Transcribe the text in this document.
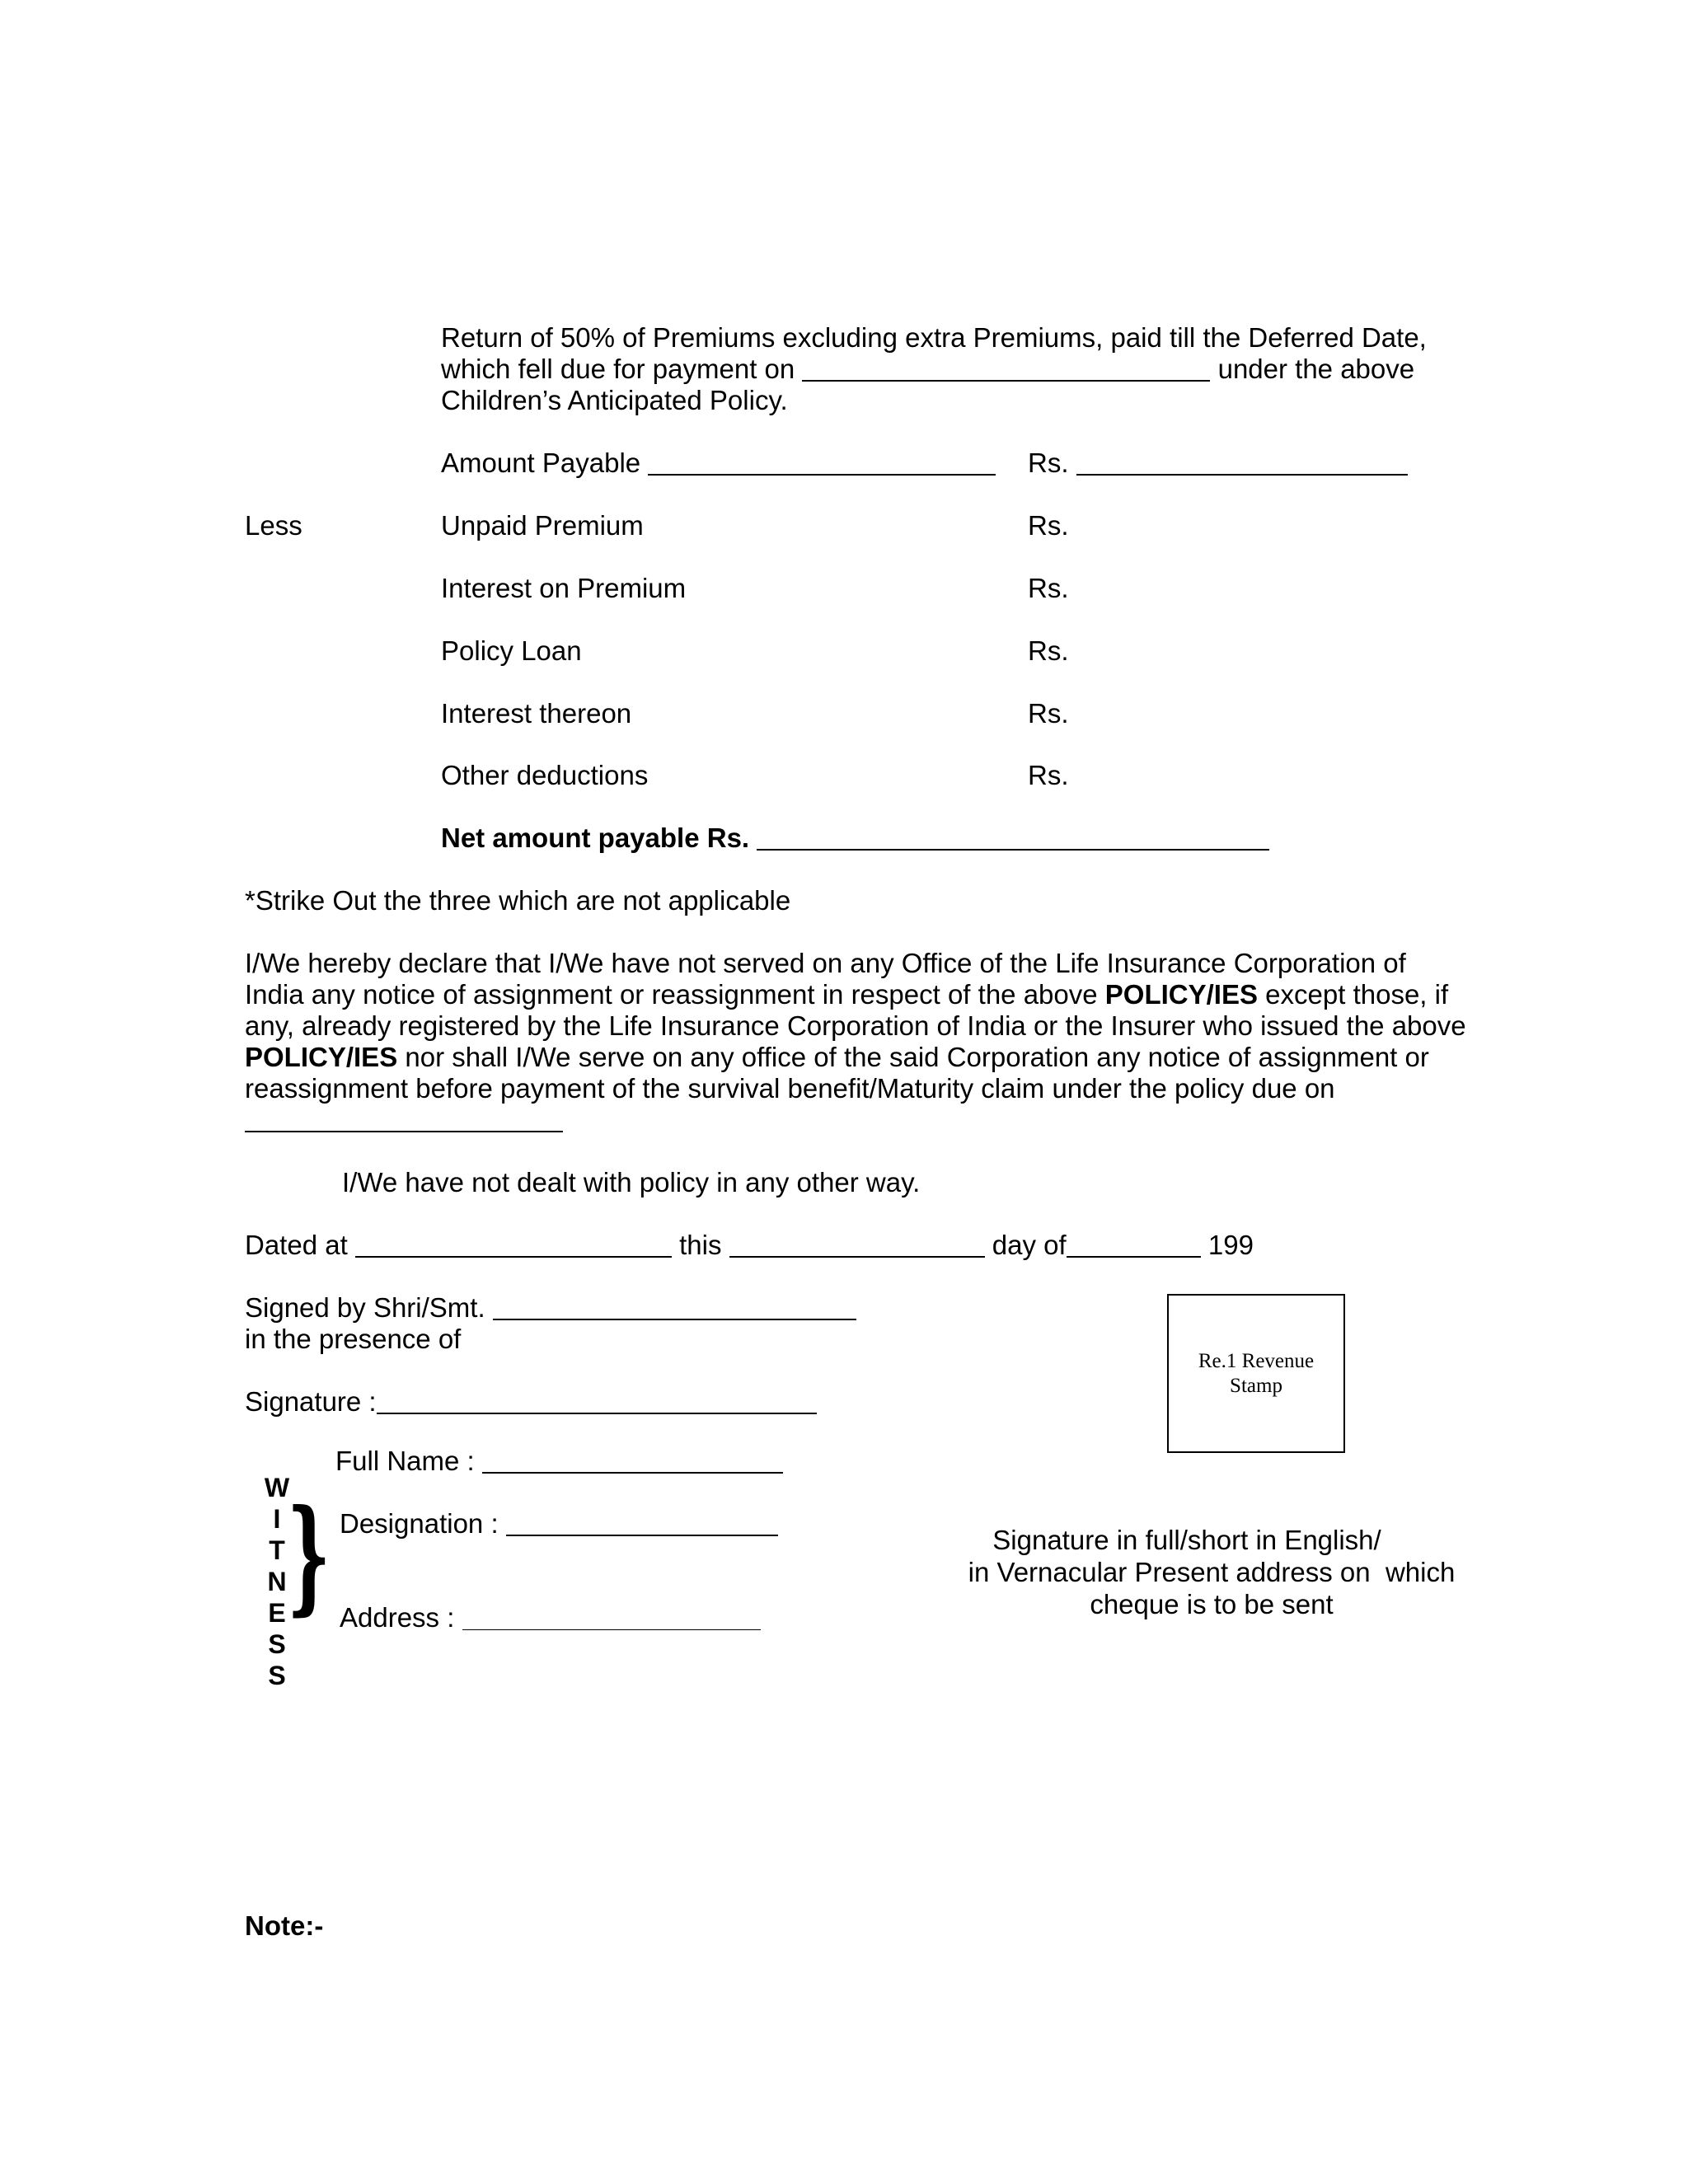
Return of 50% of Premiums excluding extra Premiums, paid till the Deferred Date,
which fell due for payment on	under the above
Children’s Anticipated Policy.
Amount Payable	Rs.
Less	Unpaid Premium	Rs.
Interest on Premium	Rs.
Policy Loan	Rs.
Interest thereon	Rs.
Other deductions	Rs.
Net amount payable Rs.
*Strike Out the three which are not applicable
I/We hereby declare that I/We have not served on any Office of the Life Insurance Corporation of
India any notice of assignment or reassignment in respect of the above POLICY/IES except those, if
any, already registered by the Life Insurance Corporation of India or the Insurer who issued the above
POLICY/IES nor shall I/We serve on any office of the said Corporation any notice of assignment or
reassignment before payment of the survival benefit/Maturity claim under the policy due on
I/We have not dealt with policy in any other way.
Dated at	this	day of	199
Signed by Shri/Smt.
in the presence of
Signature :
Re.1 Revenue
Stamp
W
I
T
N
E
S
S
}
Full Name :
Designation :
Address :
Signature in full/short in English/
in Vernacular Present address on  which
cheque is to be sent
Note:-
